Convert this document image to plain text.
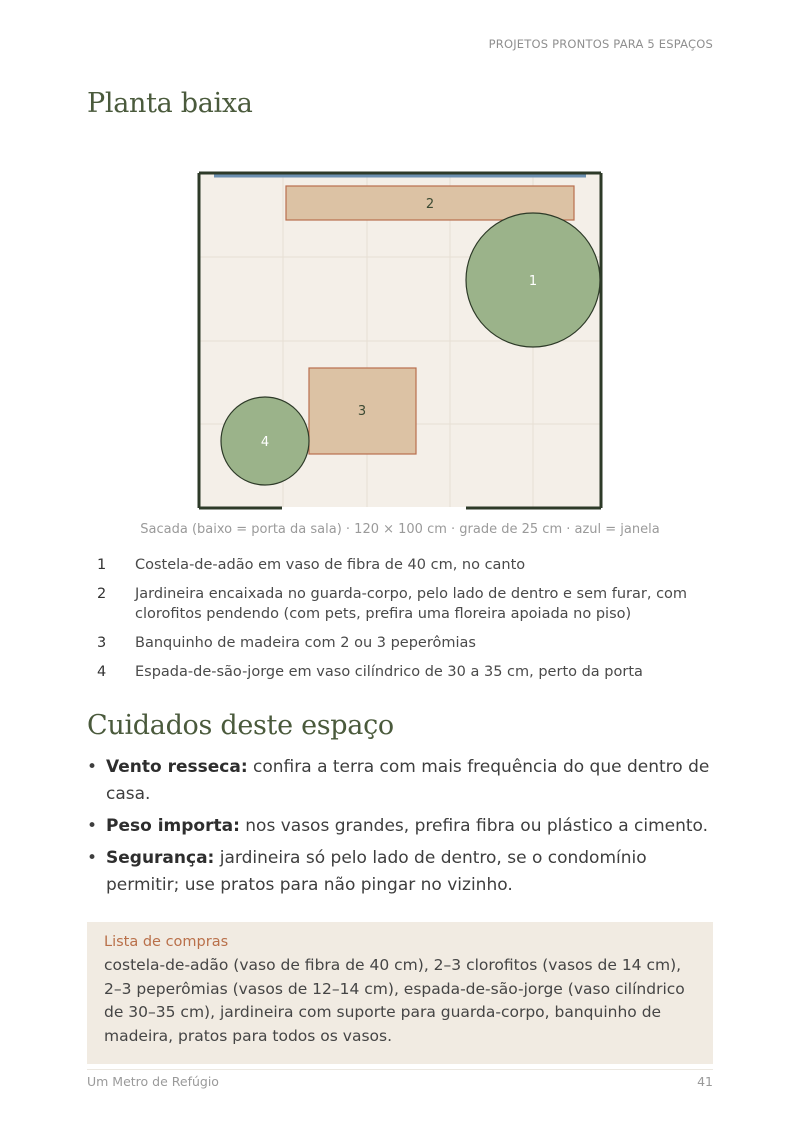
PROJETOS PRONTOS PARA 5 ESPAÇOS
Planta baixa
2
1
3
4
Sacada (baixo = porta da sala) · 120 × 100 cm · grade de 25 cm · azul = janela
1	Costela-de-adão em vaso de fibra de 40 cm, no canto
2	Jardineira encaixada no guarda-corpo, pelo lado de dentro e sem furar, com clorofitos pendendo (com pets, prefira uma floreira apoiada no piso)
3	Banquinho de madeira com 2 ou 3 peperômias
4	Espada-de-são-jorge em vaso cilíndrico de 30 a 35 cm, perto da porta
Cuidados deste espaço
• Vento resseca: confira a terra com mais frequência do que dentro de casa.
• Peso importa: nos vasos grandes, prefira fibra ou plástico a cimento.
• Segurança: jardineira só pelo lado de dentro, se o condomínio permitir; use pratos para não pingar no vizinho.
Lista de compras
costela-de-adão (vaso de fibra de 40 cm), 2–3 clorofitos (vasos de 14 cm), 2–3 peperômias (vasos de 12–14 cm), espada-de-são-jorge (vaso cilíndrico de 30–35 cm), jardineira com suporte para guarda-corpo, banquinho de madeira, pratos para todos os vasos.
Um Metro de Refúgio	41
